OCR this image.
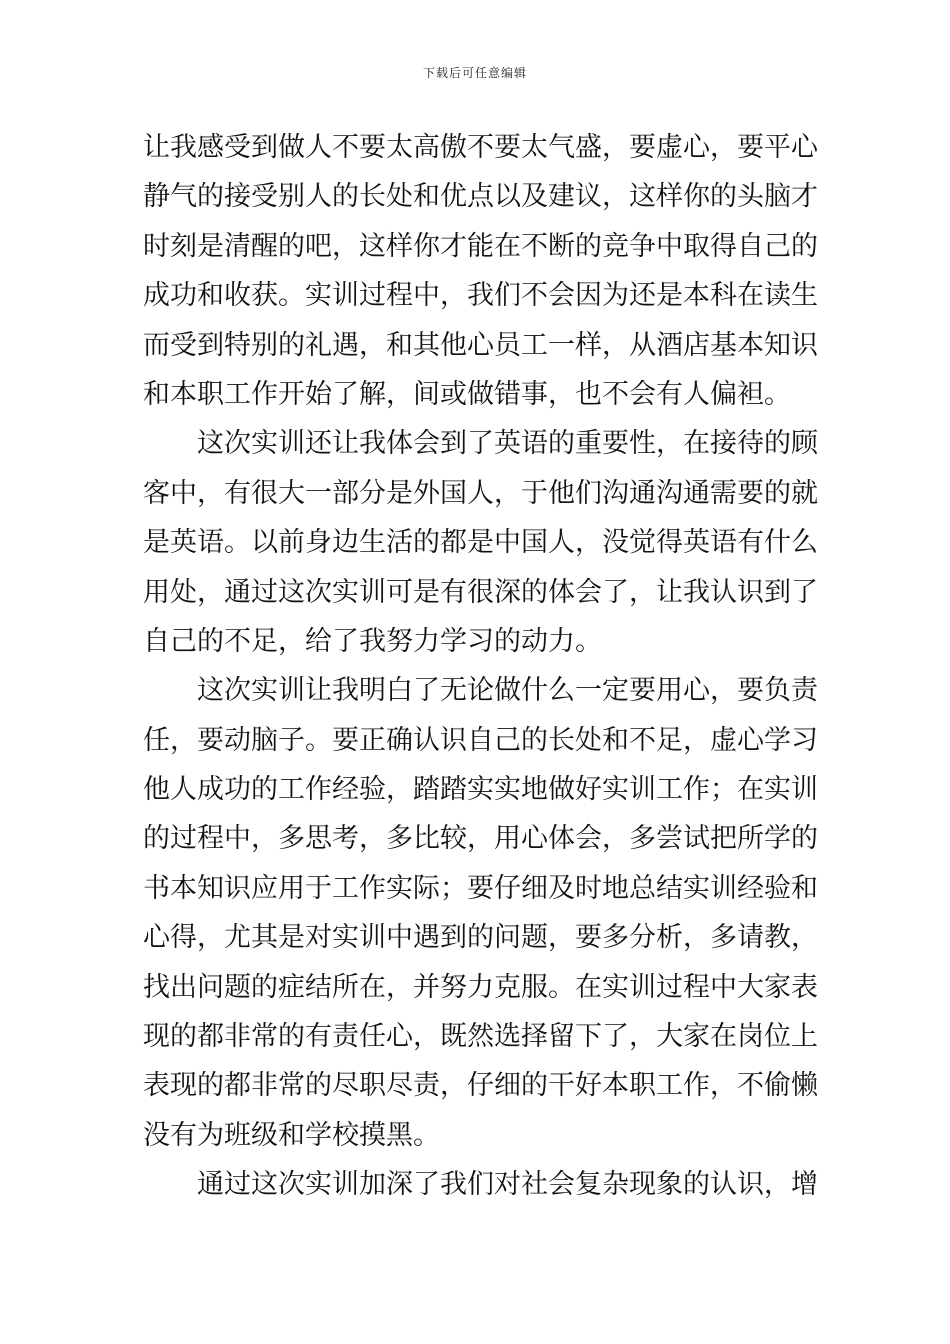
下载后可任意编辑
让我感受到做人不要太高傲不要太气盛，要虚心，要平心
静气的接受别人的长处和优点以及建议，这样你的头脑才
时刻是清醒的吧，这样你才能在不断的竞争中取得自己的
成功和收获。实训过程中，我们不会因为还是本科在读生
而受到特别的礼遇，和其他心员工一样，从酒店基本知识
和本职工作开始了解，间或做错事，也不会有人偏袒。
这次实训还让我体会到了英语的重要性，在接待的顾
客中，有很大一部分是外国人，于他们沟通沟通需要的就
是英语。以前身边生活的都是中国人，没觉得英语有什么
用处，通过这次实训可是有很深的体会了，让我认识到了
自己的不足，给了我努力学习的动力。
这次实训让我明白了无论做什么一定要用心，要负责
任，要动脑子。要正确认识自己的长处和不足，虚心学习
他人成功的工作经验，踏踏实实地做好实训工作；在实训
的过程中，多思考，多比较，用心体会，多尝试把所学的
书本知识应用于工作实际；要仔细及时地总结实训经验和
心得，尤其是对实训中遇到的问题，要多分析，多请教，
找出问题的症结所在，并努力克服。在实训过程中大家表
现的都非常的有责任心，既然选择留下了，大家在岗位上
表现的都非常的尽职尽责，仔细的干好本职工作，不偷懒
没有为班级和学校摸黑。
通过这次实训加深了我们对社会复杂现象的认识，增
